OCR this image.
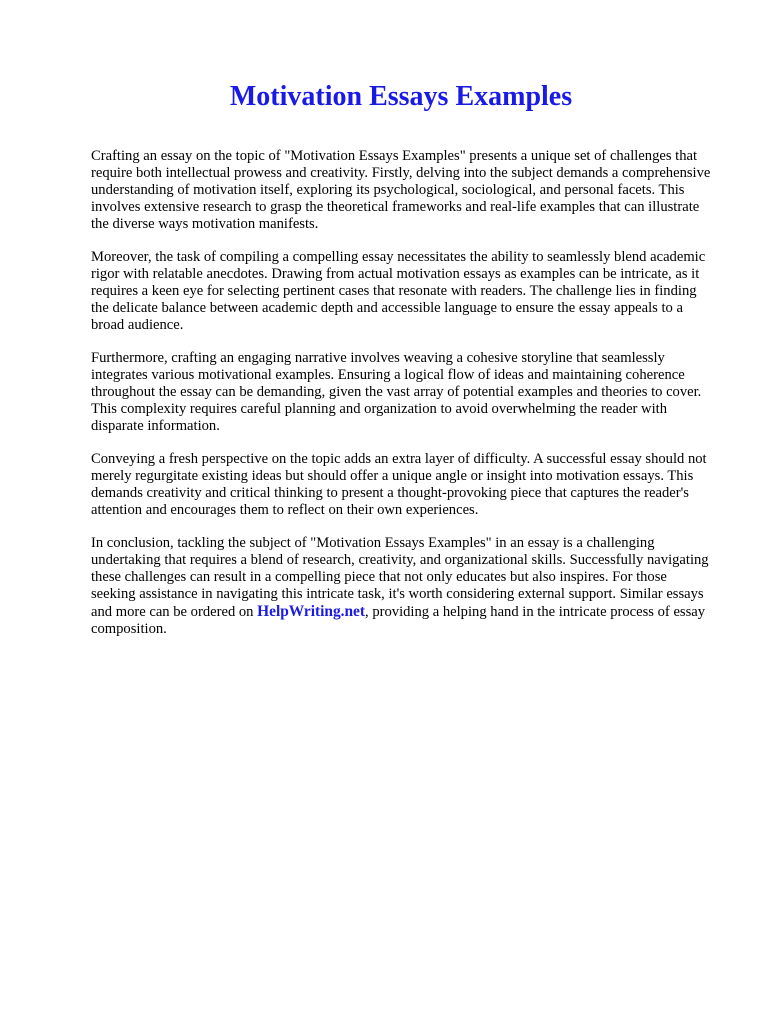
Motivation Essays Examples

Crafting an essay on the topic of "Motivation Essays Examples" presents a unique set of challenges that require both intellectual prowess and creativity. Firstly, delving into the subject demands a comprehensive understanding of motivation itself, exploring its psychological, sociological, and personal facets. This involves extensive research to grasp the theoretical frameworks and real-life examples that can illustrate the diverse ways motivation manifests.

Moreover, the task of compiling a compelling essay necessitates the ability to seamlessly blend academic rigor with relatable anecdotes. Drawing from actual motivation essays as examples can be intricate, as it requires a keen eye for selecting pertinent cases that resonate with readers. The challenge lies in finding the delicate balance between academic depth and accessible language to ensure the essay appeals to a broad audience.

Furthermore, crafting an engaging narrative involves weaving a cohesive storyline that seamlessly integrates various motivational examples. Ensuring a logical flow of ideas and maintaining coherence throughout the essay can be demanding, given the vast array of potential examples and theories to cover. This complexity requires careful planning and organization to avoid overwhelming the reader with disparate information.

Conveying a fresh perspective on the topic adds an extra layer of difficulty. A successful essay should not merely regurgitate existing ideas but should offer a unique angle or insight into motivation essays. This demands creativity and critical thinking to present a thought-provoking piece that captures the reader's attention and encourages them to reflect on their own experiences.

In conclusion, tackling the subject of "Motivation Essays Examples" in an essay is a challenging undertaking that requires a blend of research, creativity, and organizational skills. Successfully navigating these challenges can result in a compelling piece that not only educates but also inspires. For those seeking assistance in navigating this intricate task, it's worth considering external support. Similar essays and more can be ordered on HelpWriting.net, providing a helping hand in the intricate process of essay composition.
